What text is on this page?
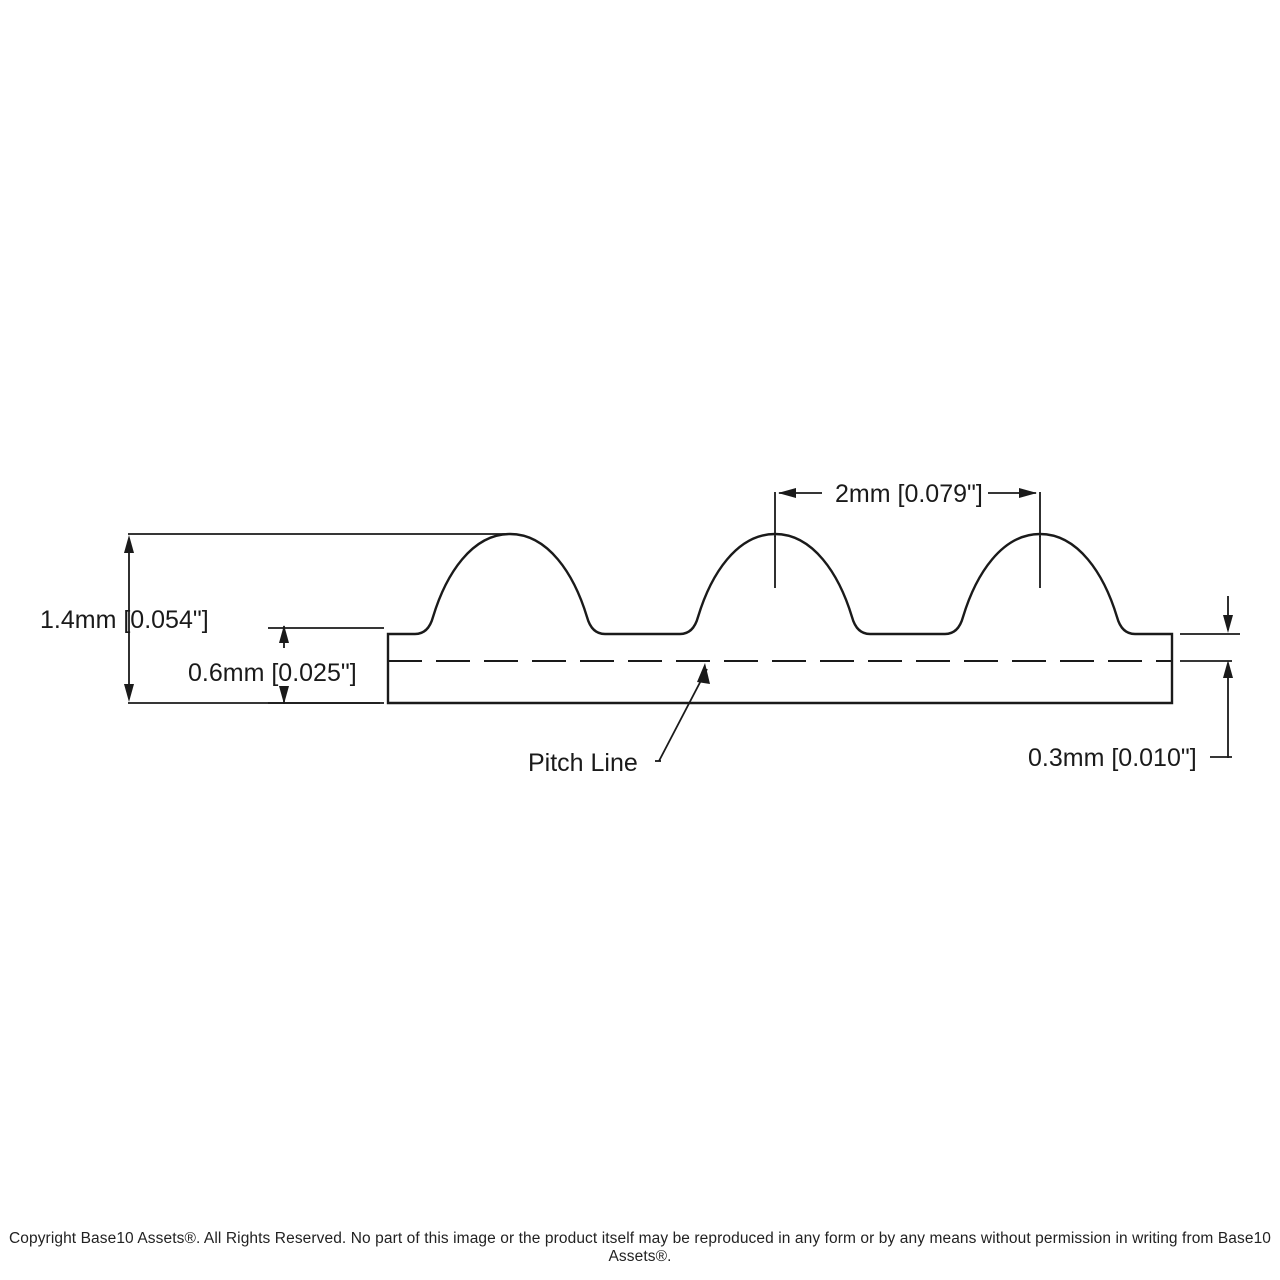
2mm [0.079"]
1.4mm [0.054"]
0.6mm [0.025"]
0.3mm [0.010"]
Pitch Line
Copyright Base10 Assets®. All Rights Reserved. No part of this image or the product itself may be reproduced in any form or by any means without permission in writing from Base10 Assets®.
